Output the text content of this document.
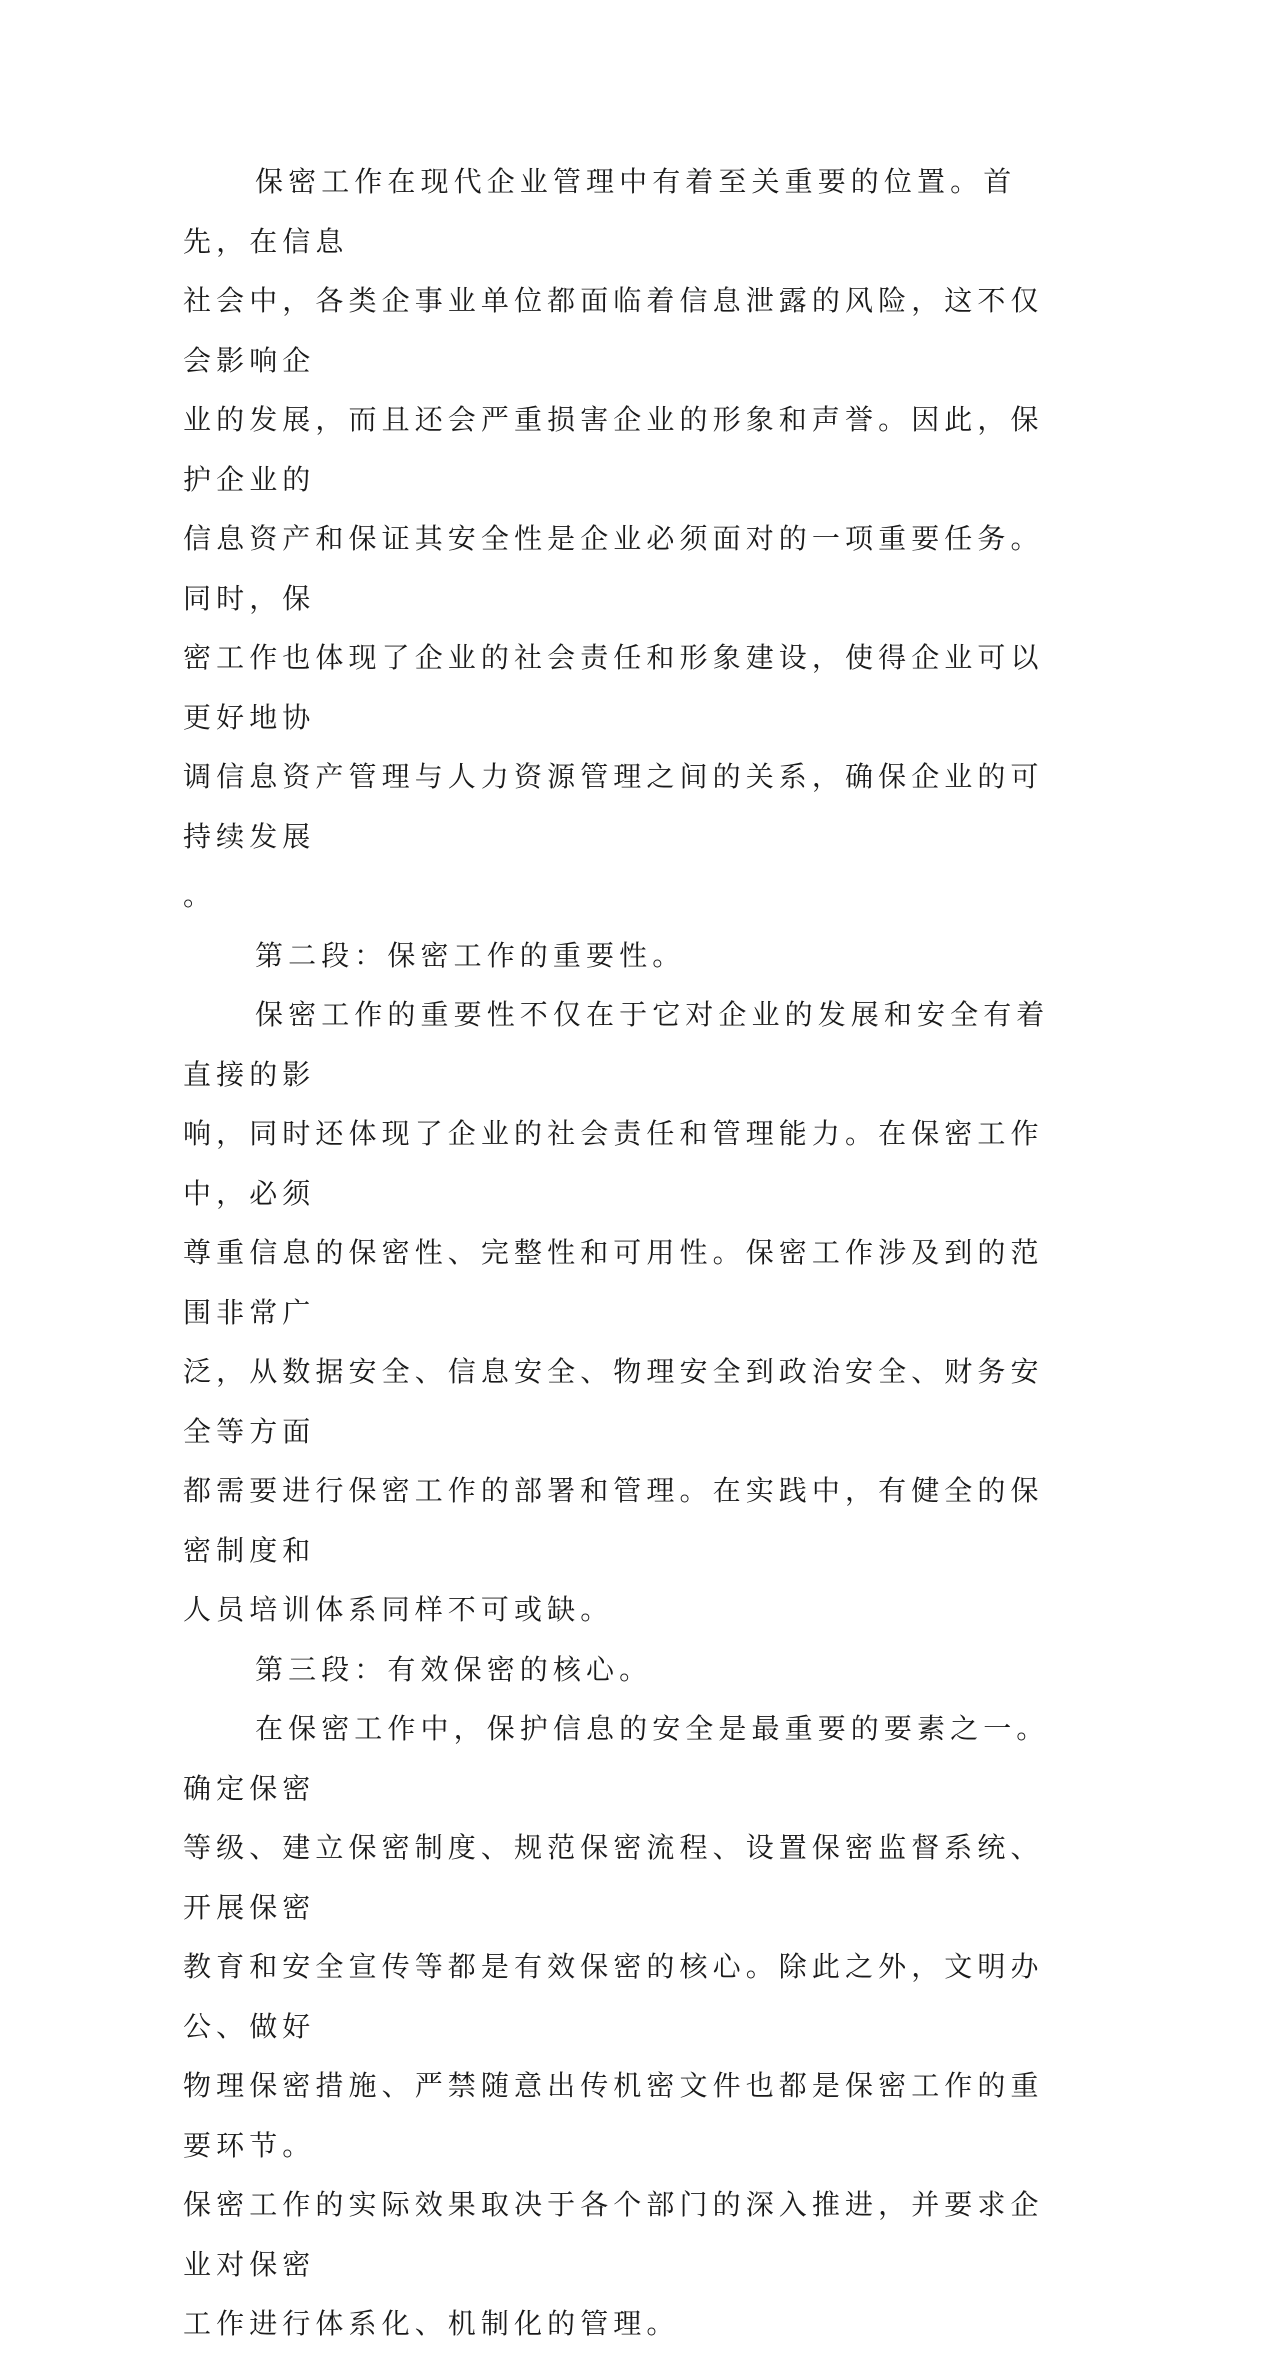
保密工作在现代企业管理中有着至关重要的位置。首先，在信息
社会中，各类企事业单位都面临着信息泄露的风险，这不仅会影响企
业的发展，而且还会严重损害企业的形象和声誉。因此，保护企业的
信息资产和保证其安全性是企业必须面对的一项重要任务。同时，保
密工作也体现了企业的社会责任和形象建设，使得企业可以更好地协
调信息资产管理与人力资源管理之间的关系，确保企业的可持续发展
。

第二段：保密工作的重要性。

保密工作的重要性不仅在于它对企业的发展和安全有着直接的影
响，同时还体现了企业的社会责任和管理能力。在保密工作中，必须
尊重信息的保密性、完整性和可用性。保密工作涉及到的范围非常广
泛，从数据安全、信息安全、物理安全到政治安全、财务安全等方面
都需要进行保密工作的部署和管理。在实践中，有健全的保密制度和
人员培训体系同样不可或缺。

第三段：有效保密的核心。

在保密工作中，保护信息的安全是最重要的要素之一。确定保密
等级、建立保密制度、规范保密流程、设置保密监督系统、开展保密
教育和安全宣传等都是有效保密的核心。除此之外，文明办公、做好
物理保密措施、严禁随意出传机密文件也都是保密工作的重要环节。
保密工作的实际效果取决于各个部门的深入推进，并要求企业对保密
工作进行体系化、机制化的管理。
